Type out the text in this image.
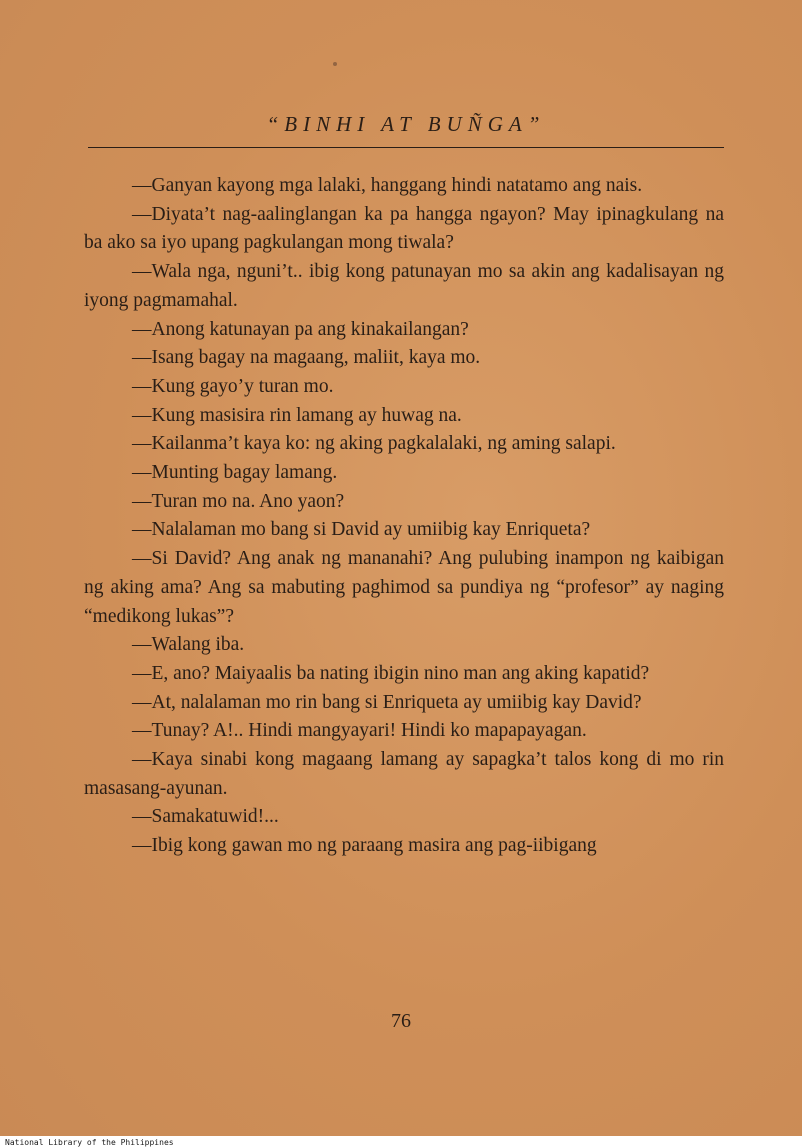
“BINHI AT BUÑGA”

—Ganyan kayong mga lalaki, hanggang hindi natatamo ang nais.

—Diyata’t nag-aalinglangan ka pa hangga ngayon? May ipinagkulang na ba ako sa iyo upang pagkulangan mong tiwala?

—Wala nga, nguni’t.. ibig kong patunayan mo sa akin ang kadalisayan ng iyong pagmamahal.

—Anong katunayan pa ang kinakailangan?

—Isang bagay na magaang, maliit, kaya mo.

—Kung gayo’y turan mo.

—Kung masisira rin lamang ay huwag na.

—Kailanma’t kaya ko: ng aking pagkalalaki, ng aming salapi.

—Munting bagay lamang.

—Turan mo na. Ano yaon?

—Nalalaman mo bang si David ay umiibig kay Enriqueta?

—Si David? Ang anak ng mananahi? Ang pulubing inampon ng kaibigan ng aking ama? Ang sa mabuting paghimod sa pundiya ng “profesor” ay naging “medikong lukas”?

—Walang iba.

—E, ano? Maiyaalis ba nating ibigin nino man ang aking kapatid?

—At, nalalaman mo rin bang si Enriqueta ay umiibig kay David?

—Tunay? A!.. Hindi mangyayari! Hindi ko mapapayagan.

—Kaya sinabi kong magaang lamang ay sapagka’t talos kong di mo rin masasang-ayunan.

—Samakatuwid!...

—Ibig kong gawan mo ng paraang masira ang pag-iibigang

76
National Library of the Philippines
